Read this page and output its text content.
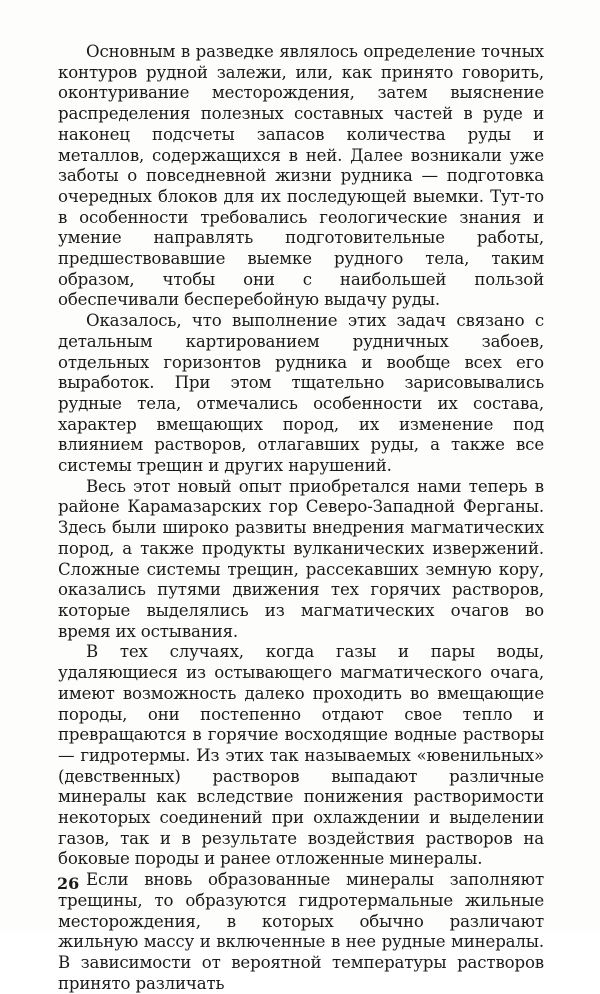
Основным в разведке являлось определение точных контуров рудной залежи, или, как принято говорить, оконтуривание месторождения, затем выяснение распределения полезных составных частей в руде и наконец подсчеты запасов количества руды и металлов, содержащихся в ней. Далее возникали уже заботы о повседневной жизни рудника — подготовка очередных блоков для их последующей выемки. Тут-то в особенности требовались геологические знания и умение направлять подготовительные работы, предшествовавшие выемке рудного тела, таким образом, чтобы они с наибольшей пользой обеспечивали бесперебойную выдачу руды.

Оказалось, что выполнение этих задач связано с детальным картированием рудничных забоев, отдельных горизонтов рудника и вообще всех его выработок. При этом тщательно зарисовывались рудные тела, отмечались особенности их состава, характер вмещающих пород, их изменение под влиянием растворов, отлагавших руды, а также все системы трещин и других нарушений.

Весь этот новый опыт приобретался нами теперь в районе Карамазарских гор Северо-Западной Ферганы. Здесь были широко развиты внедрения магматических пород, а также продукты вулканических извержений. Сложные системы трещин, рассекавших земную кору, оказались путями движения тех горячих растворов, которые выделялись из магматических очагов во время их остывания.

В тех случаях, когда газы и пары воды, удаляющиеся из остывающего магматического очага, имеют возможность далеко проходить во вмещающие породы, они постепенно отдают свое тепло и превращаются в горячие восходящие водные растворы — гидротермы. Из этих так называемых «ювенильных» (девственных) растворов выпадают различные минералы как вследствие понижения растворимости некоторых соединений при охлаждении и выделении газов, так и в результате воздействия растворов на боковые породы и ранее отложенные минералы.

Если вновь образованные минералы заполняют трещины, то образуются гидротермальные жильные месторождения, в которых обычно различают жильную массу и включенные в нее рудные минералы. В зависимости от вероятной температуры растворов принято различать

26
